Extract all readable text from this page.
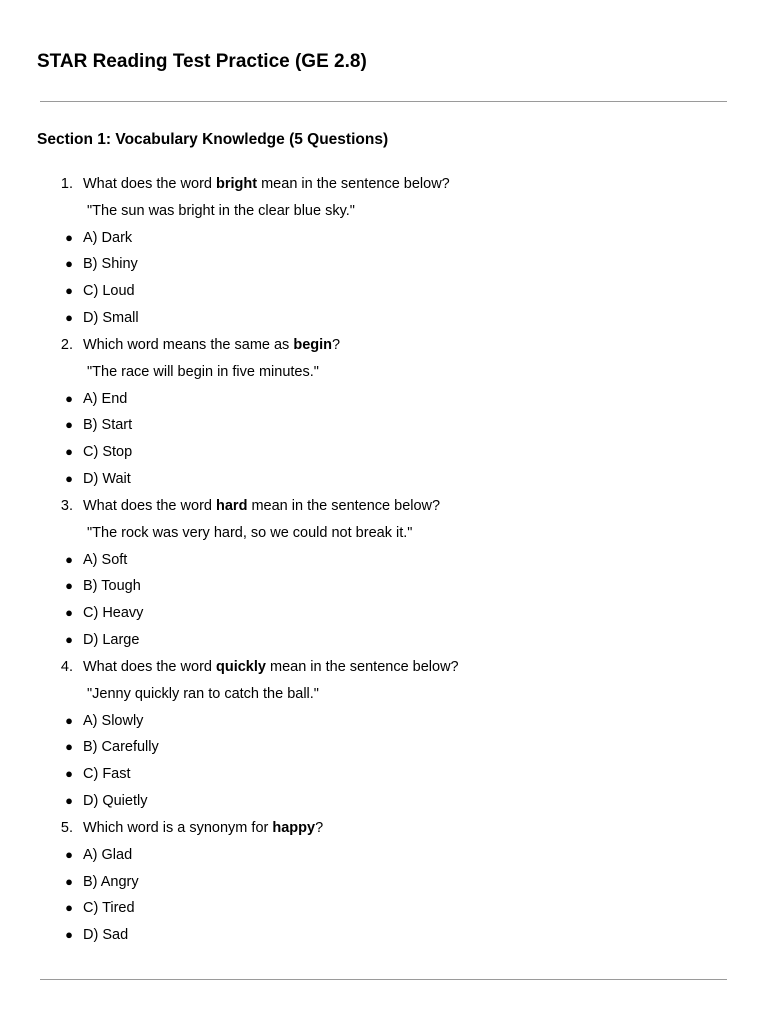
STAR Reading Test Practice (GE 2.8)
Section 1: Vocabulary Knowledge (5 Questions)
1. What does the word bright mean in the sentence below?
"The sun was bright in the clear blue sky."
● A) Dark
● B) Shiny
● C) Loud
● D) Small
2. Which word means the same as begin?
"The race will begin in five minutes."
● A) End
● B) Start
● C) Stop
● D) Wait
3. What does the word hard mean in the sentence below?
"The rock was very hard, so we could not break it."
● A) Soft
● B) Tough
● C) Heavy
● D) Large
4. What does the word quickly mean in the sentence below?
"Jenny quickly ran to catch the ball."
● A) Slowly
● B) Carefully
● C) Fast
● D) Quietly
5. Which word is a synonym for happy?
● A) Glad
● B) Angry
● C) Tired
● D) Sad
